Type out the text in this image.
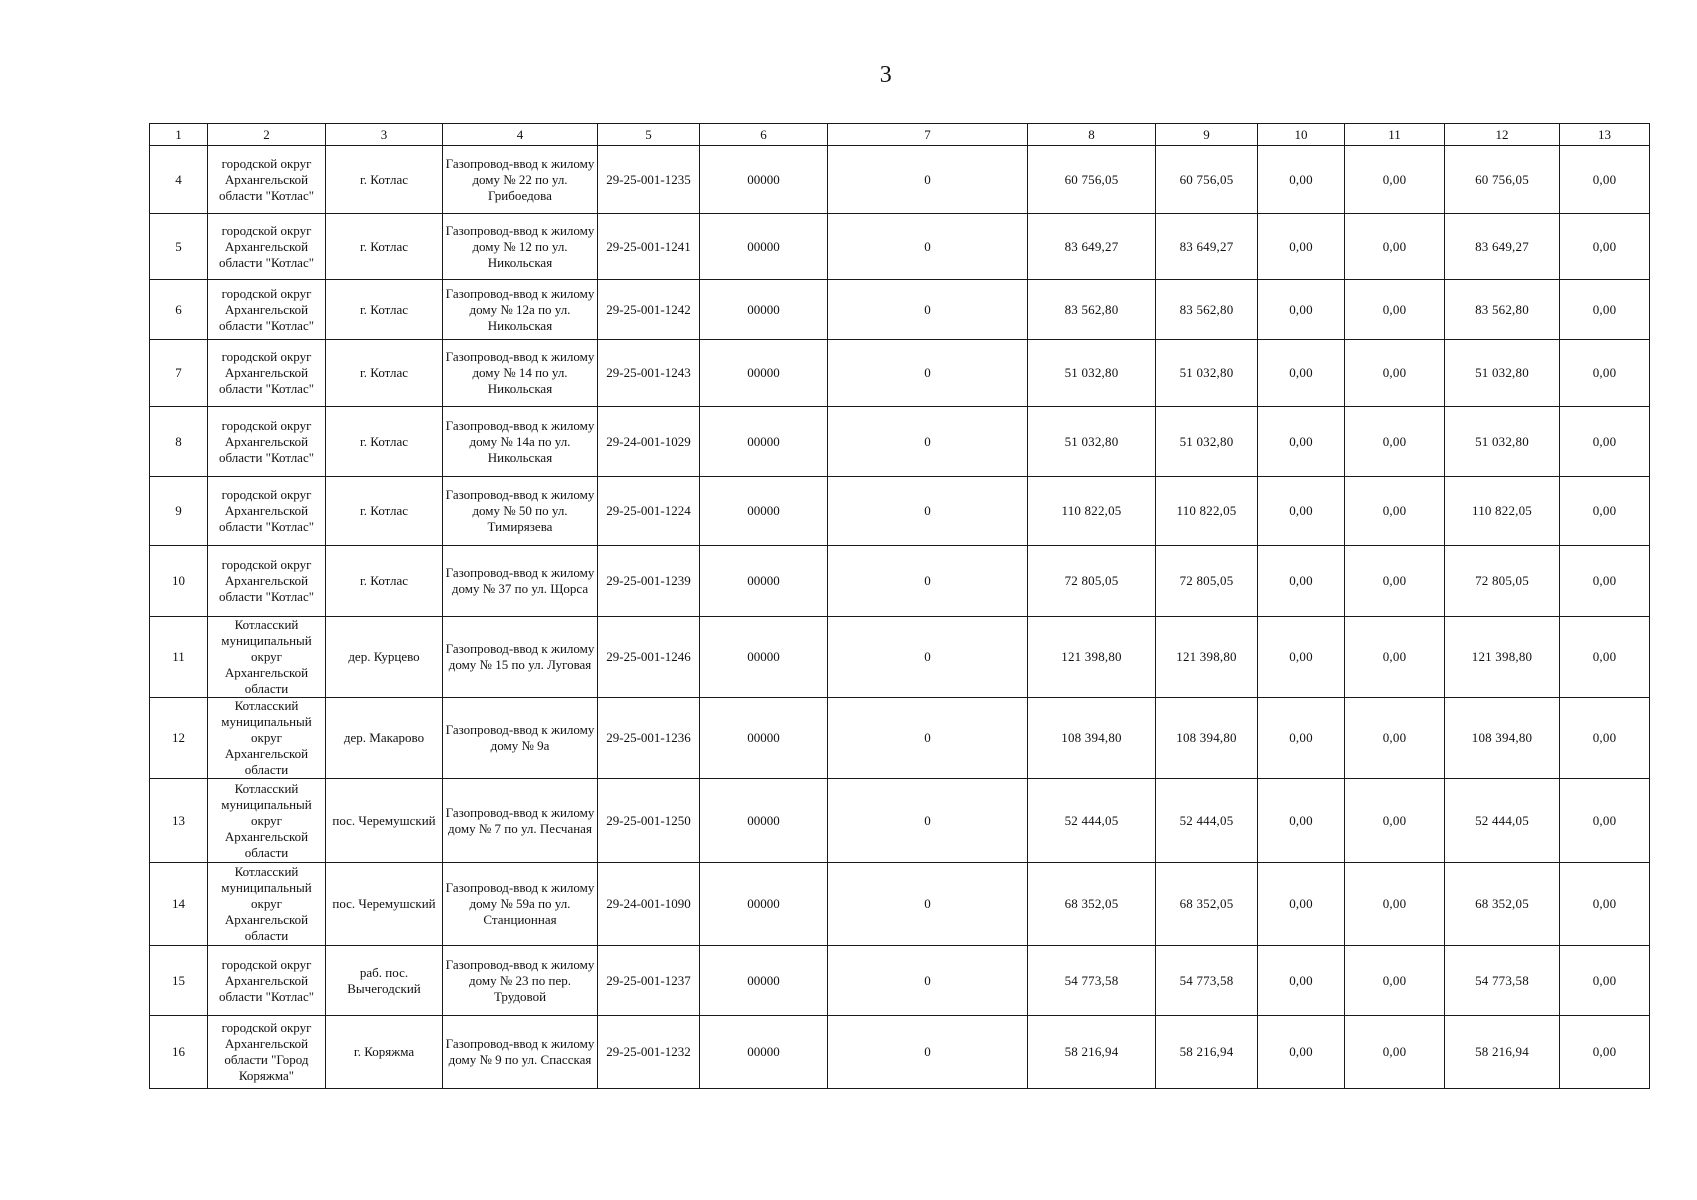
3
1	2	3	4	5	6	7	8	9	10	11	12	13
4	городской округ Архангельской области "Котлас"	г. Котлас	Газопровод-ввод к жилому дому № 22 по ул. Грибоедова	29-25-001-1235	00000	0	60 756,05	60 756,05	0,00	0,00	60 756,05	0,00
5	городской округ Архангельской области "Котлас"	г. Котлас	Газопровод-ввод к жилому дому № 12 по ул. Никольская	29-25-001-1241	00000	0	83 649,27	83 649,27	0,00	0,00	83 649,27	0,00
6	городской округ Архангельской области "Котлас"	г. Котлас	Газопровод-ввод к жилому дому № 12а по ул. Никольская	29-25-001-1242	00000	0	83 562,80	83 562,80	0,00	0,00	83 562,80	0,00
7	городской округ Архангельской области "Котлас"	г. Котлас	Газопровод-ввод к жилому дому № 14 по ул. Никольская	29-25-001-1243	00000	0	51 032,80	51 032,80	0,00	0,00	51 032,80	0,00
8	городской округ Архангельской области "Котлас"	г. Котлас	Газопровод-ввод к жилому дому № 14а по ул. Никольская	29-24-001-1029	00000	0	51 032,80	51 032,80	0,00	0,00	51 032,80	0,00
9	городской округ Архангельской области "Котлас"	г. Котлас	Газопровод-ввод к жилому дому № 50 по ул. Тимирязева	29-25-001-1224	00000	0	110 822,05	110 822,05	0,00	0,00	110 822,05	0,00
10	городской округ Архангельской области "Котлас"	г. Котлас	Газопровод-ввод к жилому дому № 37 по ул. Щорса	29-25-001-1239	00000	0	72 805,05	72 805,05	0,00	0,00	72 805,05	0,00
11	Котласский муниципальный округ Архангельской области	дер. Курцево	Газопровод-ввод к жилому дому № 15 по ул. Луговая	29-25-001-1246	00000	0	121 398,80	121 398,80	0,00	0,00	121 398,80	0,00
12	Котласский муниципальный округ Архангельской области	дер. Макарово	Газопровод-ввод к жилому дому № 9а	29-25-001-1236	00000	0	108 394,80	108 394,80	0,00	0,00	108 394,80	0,00
13	Котласский муниципальный округ Архангельской области	пос. Черемушский	Газопровод-ввод к жилому дому № 7 по ул. Песчаная	29-25-001-1250	00000	0	52 444,05	52 444,05	0,00	0,00	52 444,05	0,00
14	Котласский муниципальный округ Архангельской области	пос. Черемушский	Газопровод-ввод к жилому дому № 59а по ул. Станционная	29-24-001-1090	00000	0	68 352,05	68 352,05	0,00	0,00	68 352,05	0,00
15	городской округ Архангельской области "Котлас"	раб. пос. Вычегодский	Газопровод-ввод к жилому дому № 23 по пер. Трудовой	29-25-001-1237	00000	0	54 773,58	54 773,58	0,00	0,00	54 773,58	0,00
16	городской округ Архангельской области "Город Коряжма"	г. Коряжма	Газопровод-ввод к жилому дому № 9 по ул. Спасская	29-25-001-1232	00000	0	58 216,94	58 216,94	0,00	0,00	58 216,94	0,00
